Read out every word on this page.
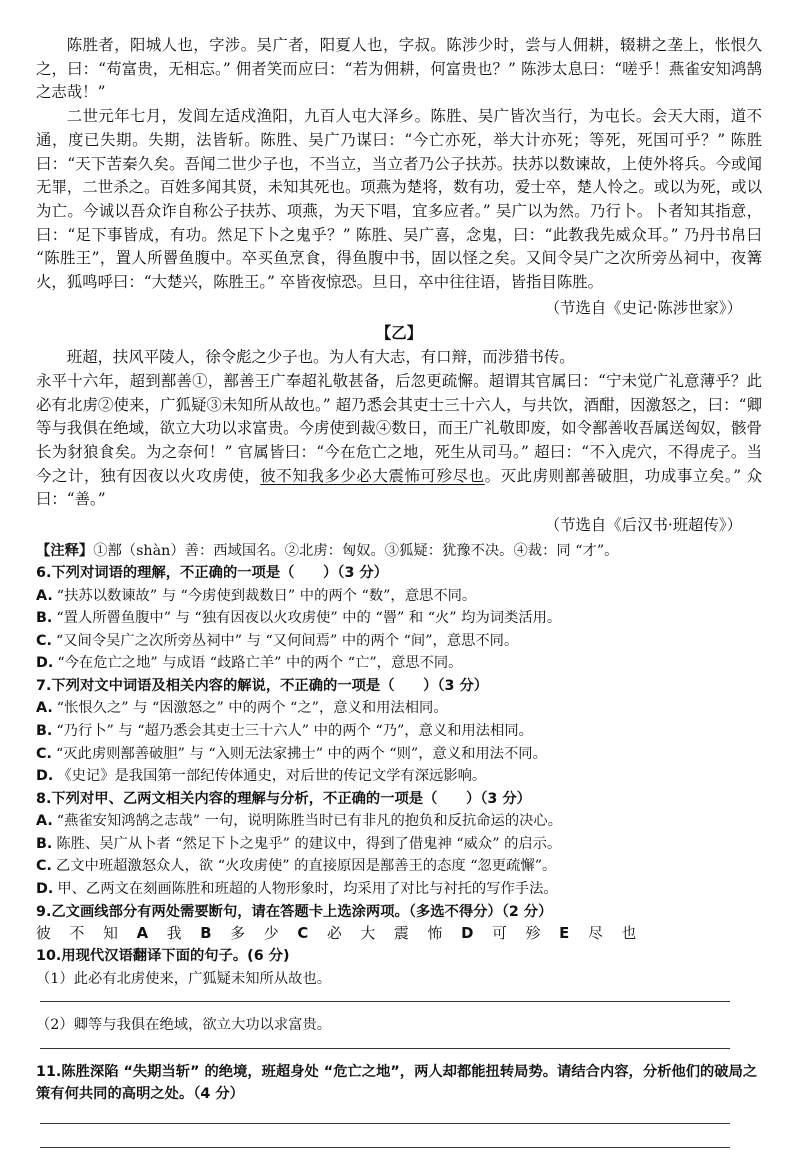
陈胜者，阳城人也，字涉。吴广者，阳夏人也，字叔。陈涉少时，尝与人佣耕，辍耕之垄上，怅恨久之，曰：“苟富贵，无相忘。” 佣者笑而应曰：“若为佣耕，何富贵也？” 陈涉太息曰：“嗟乎！燕雀安知鸿鹄之志哉！”

二世元年七月，发闾左适戍渔阳，九百人屯大泽乡。陈胜、吴广皆次当行，为屯长。会天大雨，道不通，度已失期。失期，法皆斩。陈胜、吴广乃谋曰：“今亡亦死，举大计亦死；等死，死国可乎？” 陈胜曰：“天下苦秦久矣。吾闻二世少子也，不当立，当立者乃公子扶苏。扶苏以数谏故，上使外将兵。今或闻无罪，二世杀之。百姓多闻其贤，未知其死也。项燕为楚将，数有功，爱士卒，楚人怜之。或以为死，或以为亡。今诚以吾众诈自称公子扶苏、项燕，为天下唱，宜多应者。” 吴广以为然。乃行卜。卜者知其指意，曰：“足下事皆成，有功。然足下卜之鬼乎？” 陈胜、吴广喜，念鬼，曰：“此教我先威众耳。” 乃丹书帛曰 “陈胜王”，置人所罾鱼腹中。卒买鱼烹食，得鱼腹中书，固以怪之矣。又间令吴广之次所旁丛祠中，夜篝火，狐鸣呼曰：“大楚兴，陈胜王。” 卒皆夜惊恐。旦日，卒中往往语，皆指目陈胜。

（节选自《史记·陈涉世家》）

【乙】

班超，扶风平陵人，徐令彪之少子也。为人有大志，有口辩，而涉猎书传。

永平十六年，超到鄯善①，鄯善王广奉超礼敬甚备，后忽更疏懈。超谓其官属曰：“宁未觉广礼意薄乎？此必有北虏②使来，广狐疑③未知所从故也。” 超乃悉会其吏士三十六人，与共饮，酒酣，因激怒之，曰：“卿等与我俱在绝域，欲立大功以求富贵。今虏使到裁④数日，而王广礼敬即废，如令鄯善收吾属送匈奴，骸骨长为豺狼食矣。为之奈何！” 官属皆曰：“今在危亡之地，死生从司马。” 超曰：“不入虎穴，不得虎子。当今之计，独有因夜以火攻虏使，彼不知我多少必大震怖可殄尽也。灭此虏则鄯善破胆，功成事立矣。” 众曰：“善。”

（节选自《后汉书·班超传》）

【注释】①鄯（shàn）善：西域国名。②北虏：匈奴。③狐疑：犹豫不决。④裁：同 “才”。

6.下列对词语的理解，不正确的一项是（　　）（3 分）

A. “扶苏以数谏故” 与 “今虏使到裁数日” 中的两个 “数”，意思不同。

B. “置人所罾鱼腹中” 与 “独有因夜以火攻虏使” 中的 “罾” 和 “火” 均为词类活用。

C. “又间令吴广之次所旁丛祠中” 与 “又何间焉” 中的两个 “间”，意思不同。

D. “今在危亡之地” 与成语 “歧路亡羊” 中的两个 “亡”，意思不同。

7.下列对文中词语及相关内容的解说，不正确的一项是（　　）（3 分）

A. “怅恨久之” 与 “因激怒之” 中的两个 “之”，意义和用法相同。

B. “乃行卜” 与 “超乃悉会其吏士三十六人” 中的两个 “乃”，意义和用法相同。

C. “灭此虏则鄯善破胆” 与 “入则无法家拂士” 中的两个 “则”，意义和用法不同。

D. 《史记》是我国第一部纪传体通史，对后世的传记文学有深远影响。

8.下列对甲、乙两文相关内容的理解与分析，不正确的一项是（　　）（3 分）

A. “燕雀安知鸿鹄之志哉” 一句，说明陈胜当时已有非凡的抱负和反抗命运的决心。

B. 陈胜、吴广从卜者 “然足下卜之鬼乎” 的建议中，得到了借鬼神 “威众” 的启示。

C. 乙文中班超激怒众人，欲 “火攻虏使” 的直接原因是鄯善王的态度 “忽更疏懈”。

D. 甲、乙两文在刻画陈胜和班超的人物形象时，均采用了对比与衬托的写作手法。

9.乙文画线部分有两处需要断句，请在答题卡上选涂两项。（多选不得分）（2 分）

彼 不 知 A 我 B 多 少 C 必 大 震 怖 D 可 殄 E 尽 也

10.用现代汉语翻译下面的句子。(6 分)

（1）此必有北虏使来，广狐疑未知所从故也。

（2）卿等与我俱在绝域，欲立大功以求富贵。

11.陈胜深陷 “失期当斩” 的绝境，班超身处 “危亡之地”，两人却都能扭转局势。请结合内容，分析他们的破局之策有何共同的高明之处。（4 分）
